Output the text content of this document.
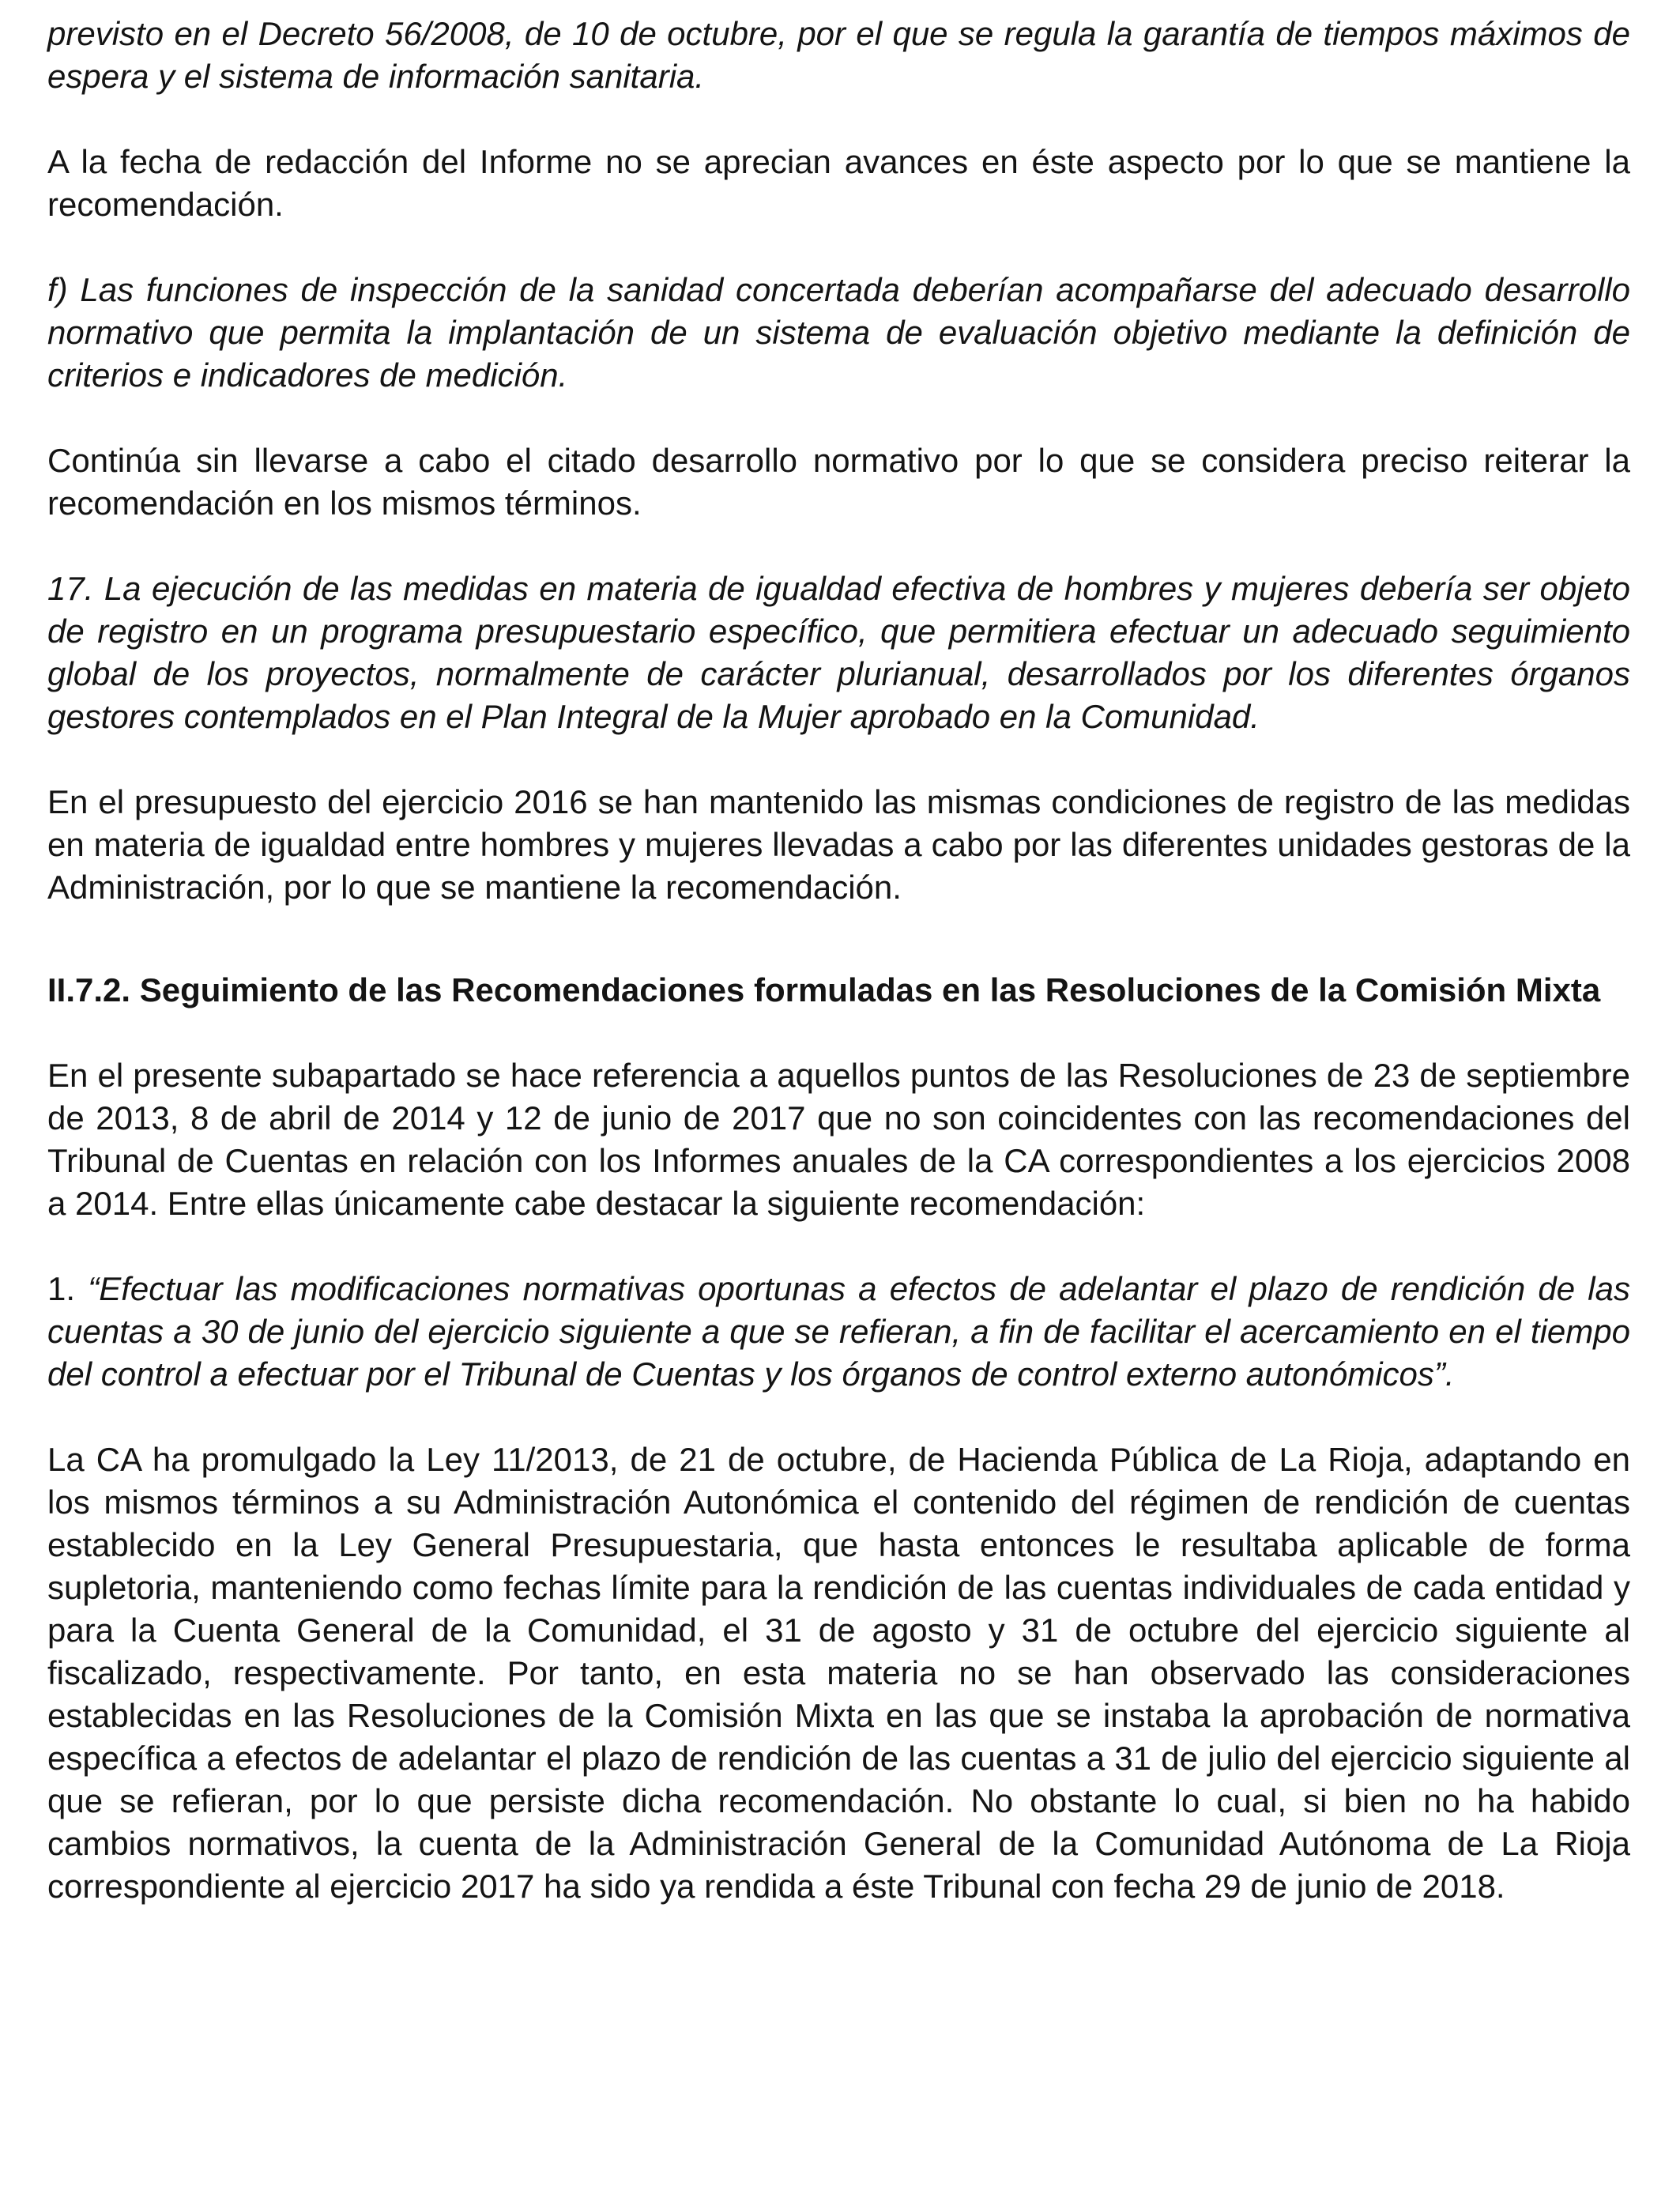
previsto en el Decreto 56/2008, de 10 de octubre, por el que se regula la garantía de tiempos máximos de espera y el sistema de información sanitaria.

A la fecha de redacción del Informe no se aprecian avances en éste aspecto por lo que se mantiene la recomendación.

f) Las funciones de inspección de la sanidad concertada deberían acompañarse del adecuado desarrollo normativo que permita la implantación de un sistema de evaluación objetivo mediante la definición de criterios e indicadores de medición.

Continúa sin llevarse a cabo el citado desarrollo normativo por lo que se considera preciso reiterar la recomendación en los mismos términos.

17. La ejecución de las medidas en materia de igualdad efectiva de hombres y mujeres debería ser objeto de registro en un programa presupuestario específico, que permitiera efectuar un adecuado seguimiento global de los proyectos, normalmente de carácter plurianual, desarrollados por los diferentes órganos gestores contemplados en el Plan Integral de la Mujer aprobado en la Comunidad.

En el presupuesto del ejercicio 2016 se han mantenido las mismas condiciones de registro de las medidas en materia de igualdad entre hombres y mujeres llevadas a cabo por las diferentes unidades gestoras de la Administración, por lo que se mantiene la recomendación.

II.7.2. Seguimiento de las Recomendaciones formuladas en las Resoluciones de la Comisión Mixta

En el presente subapartado se hace referencia a aquellos puntos de las Resoluciones de 23 de septiembre de 2013, 8 de abril de 2014 y 12 de junio de 2017 que no son coincidentes con las recomendaciones del Tribunal de Cuentas en relación con los Informes anuales de la CA correspondientes a los ejercicios 2008 a 2014. Entre ellas únicamente cabe destacar la siguiente recomendación:

1. “Efectuar las modificaciones normativas oportunas a efectos de adelantar el plazo de rendición de las cuentas a 30 de junio del ejercicio siguiente a que se refieran, a fin de facilitar el acercamiento en el tiempo del control a efectuar por el Tribunal de Cuentas y los órganos de control externo autonómicos”.

La CA ha promulgado la Ley 11/2013, de 21 de octubre, de Hacienda Pública de La Rioja, adaptando en los mismos términos a su Administración Autonómica el contenido del régimen de rendición de cuentas establecido en la Ley General Presupuestaria, que hasta entonces le resultaba aplicable de forma supletoria, manteniendo como fechas límite para la rendición de las cuentas individuales de cada entidad y para la Cuenta General de la Comunidad, el 31 de agosto y 31 de octubre del ejercicio siguiente al fiscalizado, respectivamente. Por tanto, en esta materia no se han observado las consideraciones establecidas en las Resoluciones de la Comisión Mixta en las que se instaba la aprobación de normativa específica a efectos de adelantar el plazo de rendición de las cuentas a 31 de julio del ejercicio siguiente al que se refieran, por lo que persiste dicha recomendación. No obstante lo cual, si bien no ha habido cambios normativos, la cuenta de la Administración General de la Comunidad Autónoma de La Rioja correspondiente al ejercicio 2017 ha sido ya rendida a éste Tribunal con fecha 29 de junio de 2018.
